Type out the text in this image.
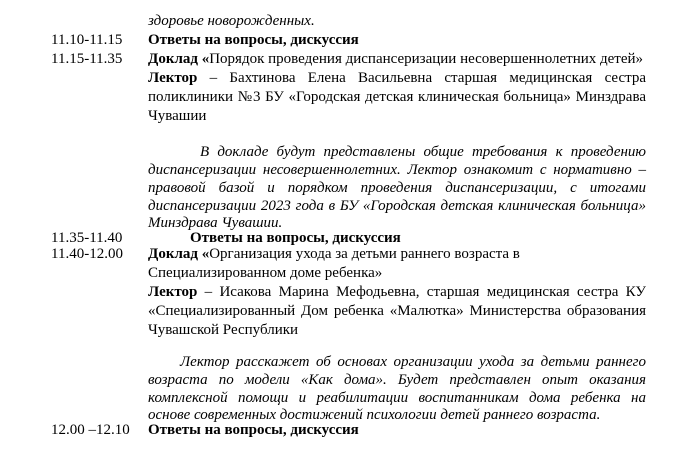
здоровье новорожденных.
11.10-11.15 Ответы на вопросы, дискуссия
11.15-11.35 Доклад «Порядок проведения диспансеризации несовершеннолетних детей»
Лектор – Бахтинова Елена Васильевна старшая медицинская сестра
поликлиники №3 БУ «Городская детская клиническая больница» Минздрава
Чувашии
В докладе будут представлены общие требования к проведению
диспансеризации несовершеннолетних. Лектор ознакомит с нормативно –
правовой базой и порядком проведения диспансеризации, с итогами
диспансеризации 2023 года в БУ «Городская детская клиническая больница»
Минздрава Чувашии.
11.35-11.40	Ответы на вопросы, дискуссия
11.40-12.00 Доклад «Организация ухода за детьми раннего возраста в
Специализированном доме ребенка»
Лектор – Исакова Марина Мефодьевна, старшая медицинская сестра КУ
«Специализированный Дом ребенка «Малютка» Министерства образования
Чувашской Республики
Лектор расскажет об основах организации ухода за детьми раннего
возраста по модели «Как дома». Будет представлен опыт оказания
комплексной помощи и реабилитации воспитанникам дома ребенка на
основе современных достижений психологии детей раннего возраста.
12.00 –12.10 Ответы на вопросы, дискуссия
